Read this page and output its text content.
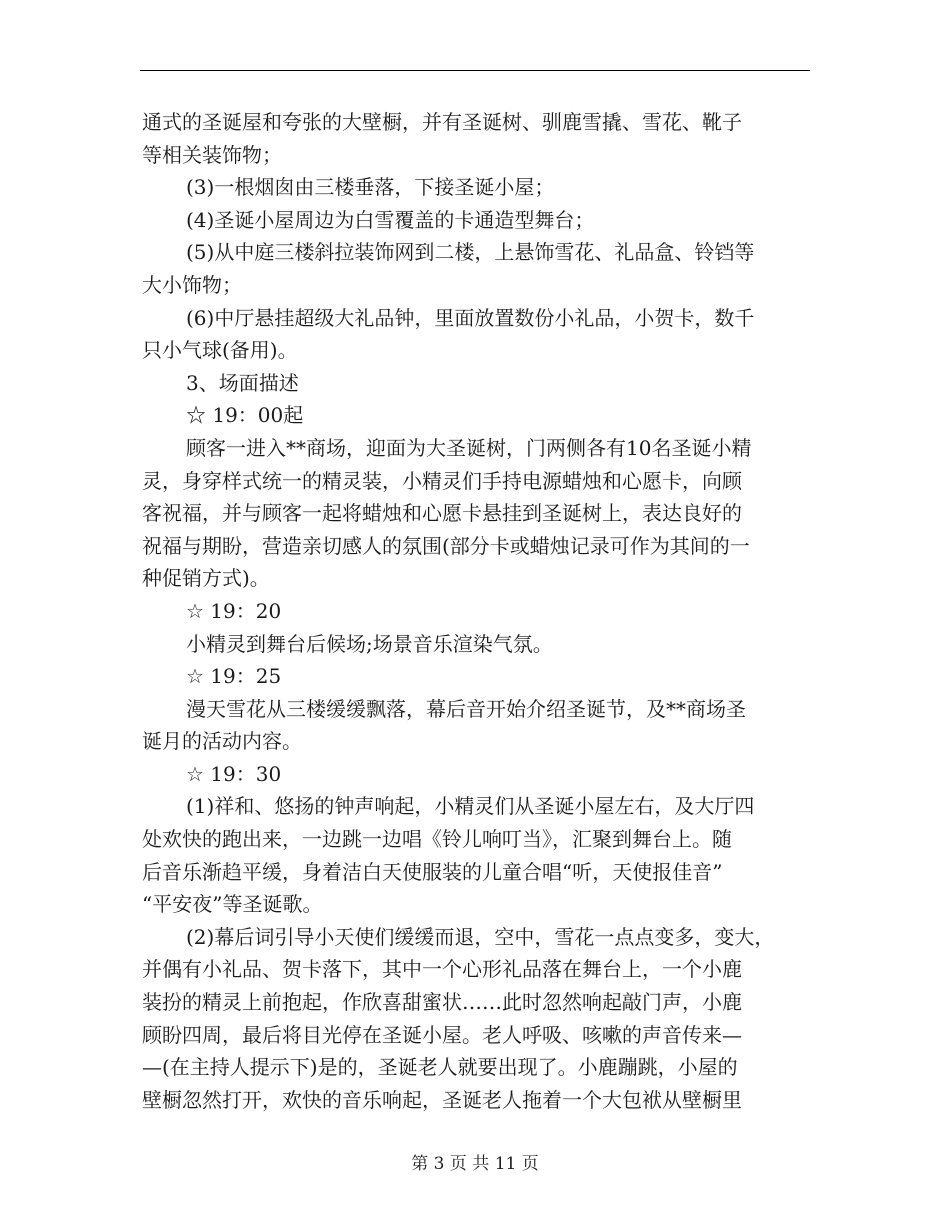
通式的圣诞屋和夸张的大壁橱，并有圣诞树、驯鹿雪撬、雪花、靴子
等相关装饰物；
(3)一根烟囱由三楼垂落，下接圣诞小屋；
(4)圣诞小屋周边为白雪覆盖的卡通造型舞台；
(5)从中庭三楼斜拉装饰网到二楼，上悬饰雪花、礼品盒、铃铛等
大小饰物；
(6)中厅悬挂超级大礼品钟，里面放置数份小礼品，小贺卡，数千
只小气球(备用)。
3、场面描述
☆ 19：00起
顾客一进入**商场，迎面为大圣诞树，门两侧各有10名圣诞小精
灵，身穿样式统一的精灵装，小精灵们手持电源蜡烛和心愿卡，向顾
客祝福，并与顾客一起将蜡烛和心愿卡悬挂到圣诞树上，表达良好的
祝福与期盼，营造亲切感人的氛围(部分卡或蜡烛记录可作为其间的一
种促销方式)。
☆ 19：20
小精灵到舞台后候场;场景音乐渲染气氛。
☆ 19：25
漫天雪花从三楼缓缓飘落，幕后音开始介绍圣诞节，及**商场圣
诞月的活动内容。
☆ 19：30
(1)祥和、悠扬的钟声响起，小精灵们从圣诞小屋左右，及大厅四
处欢快的跑出来，一边跳一边唱《铃儿响叮当》，汇聚到舞台上。随
后音乐渐趋平缓，身着洁白天使服装的儿童合唱“听，天使报佳音”
“平安夜”等圣诞歌。
(2)幕后词引导小天使们缓缓而退，空中，雪花一点点变多，变大，
并偶有小礼品、贺卡落下，其中一个心形礼品落在舞台上，一个小鹿
装扮的精灵上前抱起，作欣喜甜蜜状……此时忽然响起敲门声，小鹿
顾盼四周，最后将目光停在圣诞小屋。老人呼吸、咳嗽的声音传来—
—(在主持人提示下)是的，圣诞老人就要出现了。小鹿蹦跳，小屋的
壁橱忽然打开，欢快的音乐响起，圣诞老人拖着一个大包袱从壁橱里
第 3 页 共 11 页
